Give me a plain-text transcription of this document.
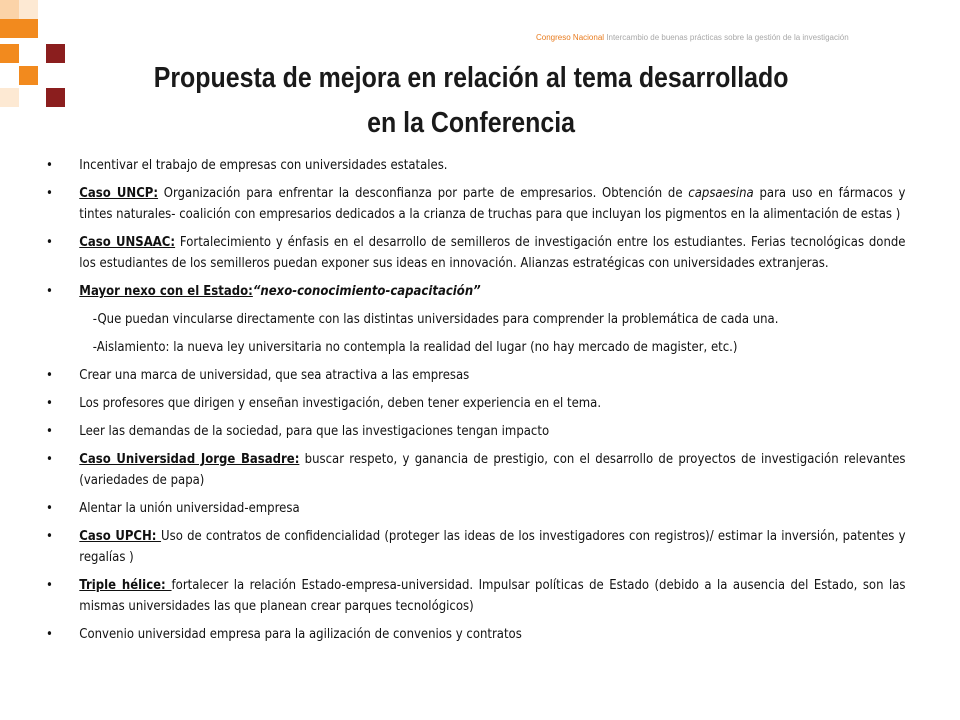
Congreso Nacional Intercambio de buenas prácticas sobre la gestión de la investigación
Propuesta de mejora en relación al tema desarrollado en la Conferencia
• Incentivar el trabajo de empresas con universidades estatales.
• Caso UNCP: Organización para enfrentar la desconfianza por parte de empresarios. Obtención de capsaesina para uso en fármacos y tintes naturales- coalición con empresarios dedicados a la crianza de truchas para que incluyan los pigmentos en la alimentación de estas )
• Caso UNSAAC: Fortalecimiento y énfasis en el desarrollo de semilleros de investigación entre los estudiantes. Ferias tecnológicas donde los estudiantes de los semilleros puedan exponer sus ideas en innovación. Alianzas estratégicas con universidades extranjeras.
• Mayor nexo con el Estado:“nexo-conocimiento-capacitación”
-Que puedan vincularse directamente con las distintas universidades para comprender la problemática de cada una.
-Aislamiento: la nueva ley universitaria no contempla la realidad del lugar (no hay mercado de magister, etc.)
• Crear una marca de universidad, que sea atractiva a las empresas
• Los profesores que dirigen y enseñan investigación, deben tener experiencia en el tema.
• Leer las demandas de la sociedad, para que las investigaciones tengan impacto
• Caso Universidad Jorge Basadre: buscar respeto, y ganancia de prestigio, con el desarrollo de proyectos de investigación relevantes (variedades de papa)
• Alentar la unión universidad-empresa
• Caso UPCH: Uso de contratos de confidencialidad (proteger las ideas de los investigadores con registros)/ estimar la inversión, patentes y regalías )
• Triple hélice: fortalecer la relación Estado-empresa-universidad. Impulsar políticas de Estado (debido a la ausencia del Estado, son las mismas universidades las que planean crear parques tecnológicos)
• Convenio universidad empresa para la agilización de convenios y contratos
